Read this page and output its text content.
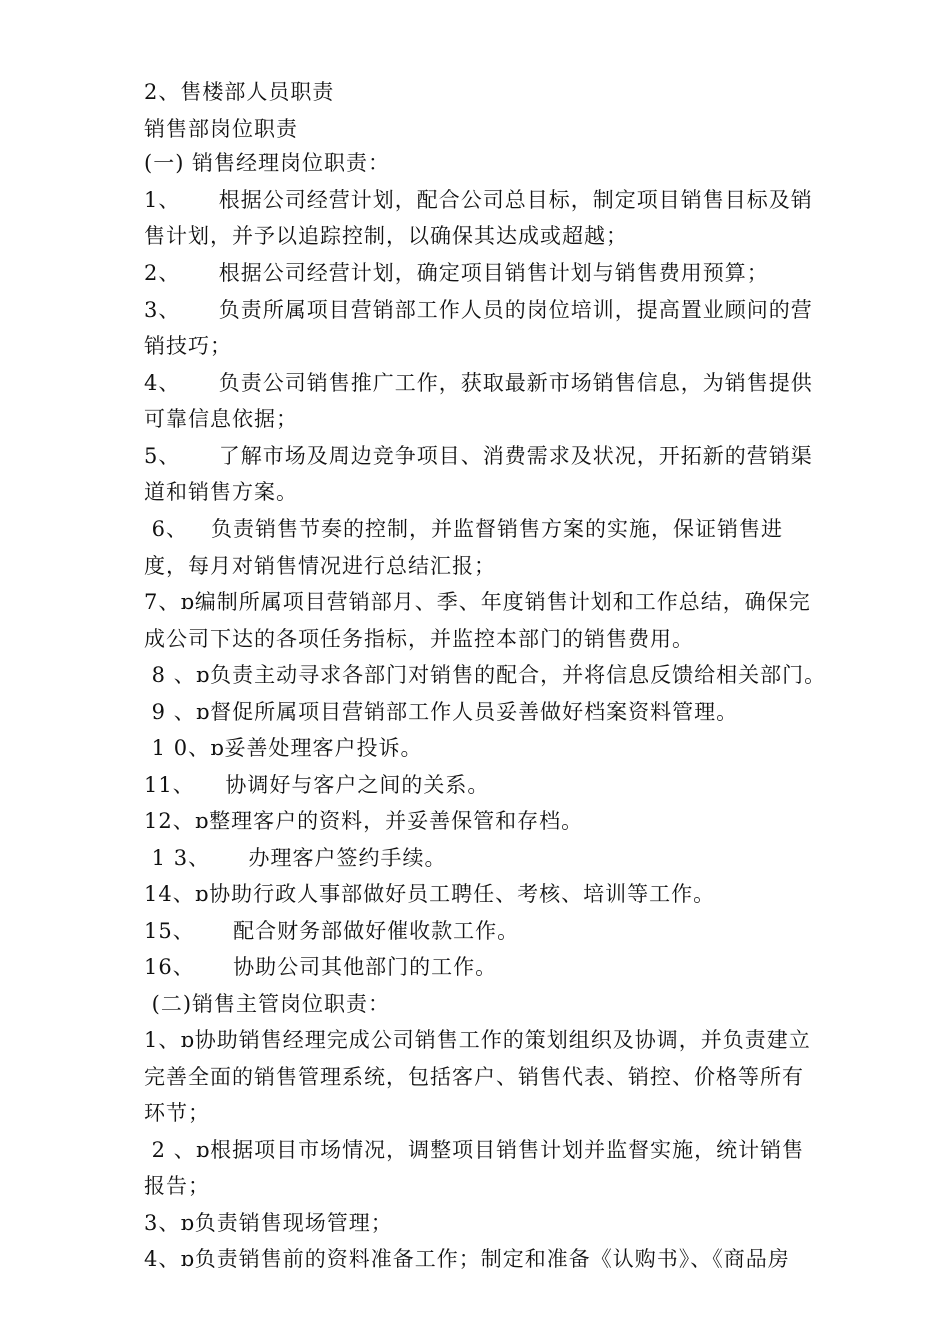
2、售楼部人员职责
销售部岗位职责
(一) 销售经理岗位职责：
1、     根据公司经营计划，配合公司总目标，制定项目销售目标及销
售计划，并予以追踪控制，以确保其达成或超越；
2、     根据公司经营计划，确定项目销售计划与销售费用预算；
3、     负责所属项目营销部工作人员的岗位培训，提高置业顾问的营
销技巧；
4、     负责公司销售推广工作，获取最新市场销售信息，为销售提供
可靠信息依据；
5、     了解市场及周边竞争项目、消费需求及状况，开拓新的营销渠
道和销售方案。
6、   负责销售节奏的控制，并监督销售方案的实施，保证销售进
度，每月对销售情况进行总结汇报；
7、ɒ编制所属项目营销部月、季、年度销售计划和工作总结，确保完
成公司下达的各项任务指标，并监控本部门的销售费用。
8 、ɒ负责主动寻求各部门对销售的配合，并将信息反馈给相关部门。
9 、ɒ督促所属项目营销部工作人员妥善做好档案资料管理。
1 0、ɒ妥善处理客户投诉。
11、    协调好与客户之间的关系。
12、ɒ整理客户的资料，并妥善保管和存档。
1 3、     办理客户签约手续。
14、ɒ协助行政人事部做好员工聘任、考核、培训等工作。
15、     配合财务部做好催收款工作。
16、     协助公司其他部门的工作。
(二)销售主管岗位职责：
1、ɒ协助销售经理完成公司销售工作的策划组织及协调，并负责建立
完善全面的销售管理系统，包括客户、销售代表、销控、价格等所有
环节；
2 、ɒ根据项目市场情况，调整项目销售计划并监督实施，统计销售
报告；
3、ɒ负责销售现场管理；
4、ɒ负责销售前的资料准备工作；制定和准备《认购书》、《商品房
